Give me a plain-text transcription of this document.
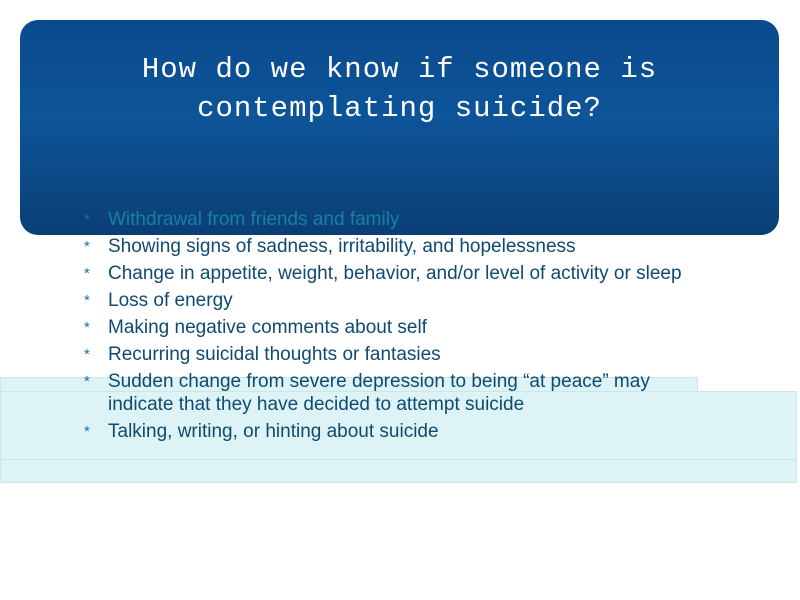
How do we know if someone is
contemplating suicide?
* Withdrawal from friends and family
* Showing signs of sadness, irritability, and hopelessness
* Change in appetite, weight, behavior, and/or level of activity or sleep
* Loss of energy
* Making negative comments about self
* Recurring suicidal thoughts or fantasies
* Sudden change from severe depression to being “at peace” may indicate that they have decided to attempt suicide
* Talking, writing, or hinting about suicide
